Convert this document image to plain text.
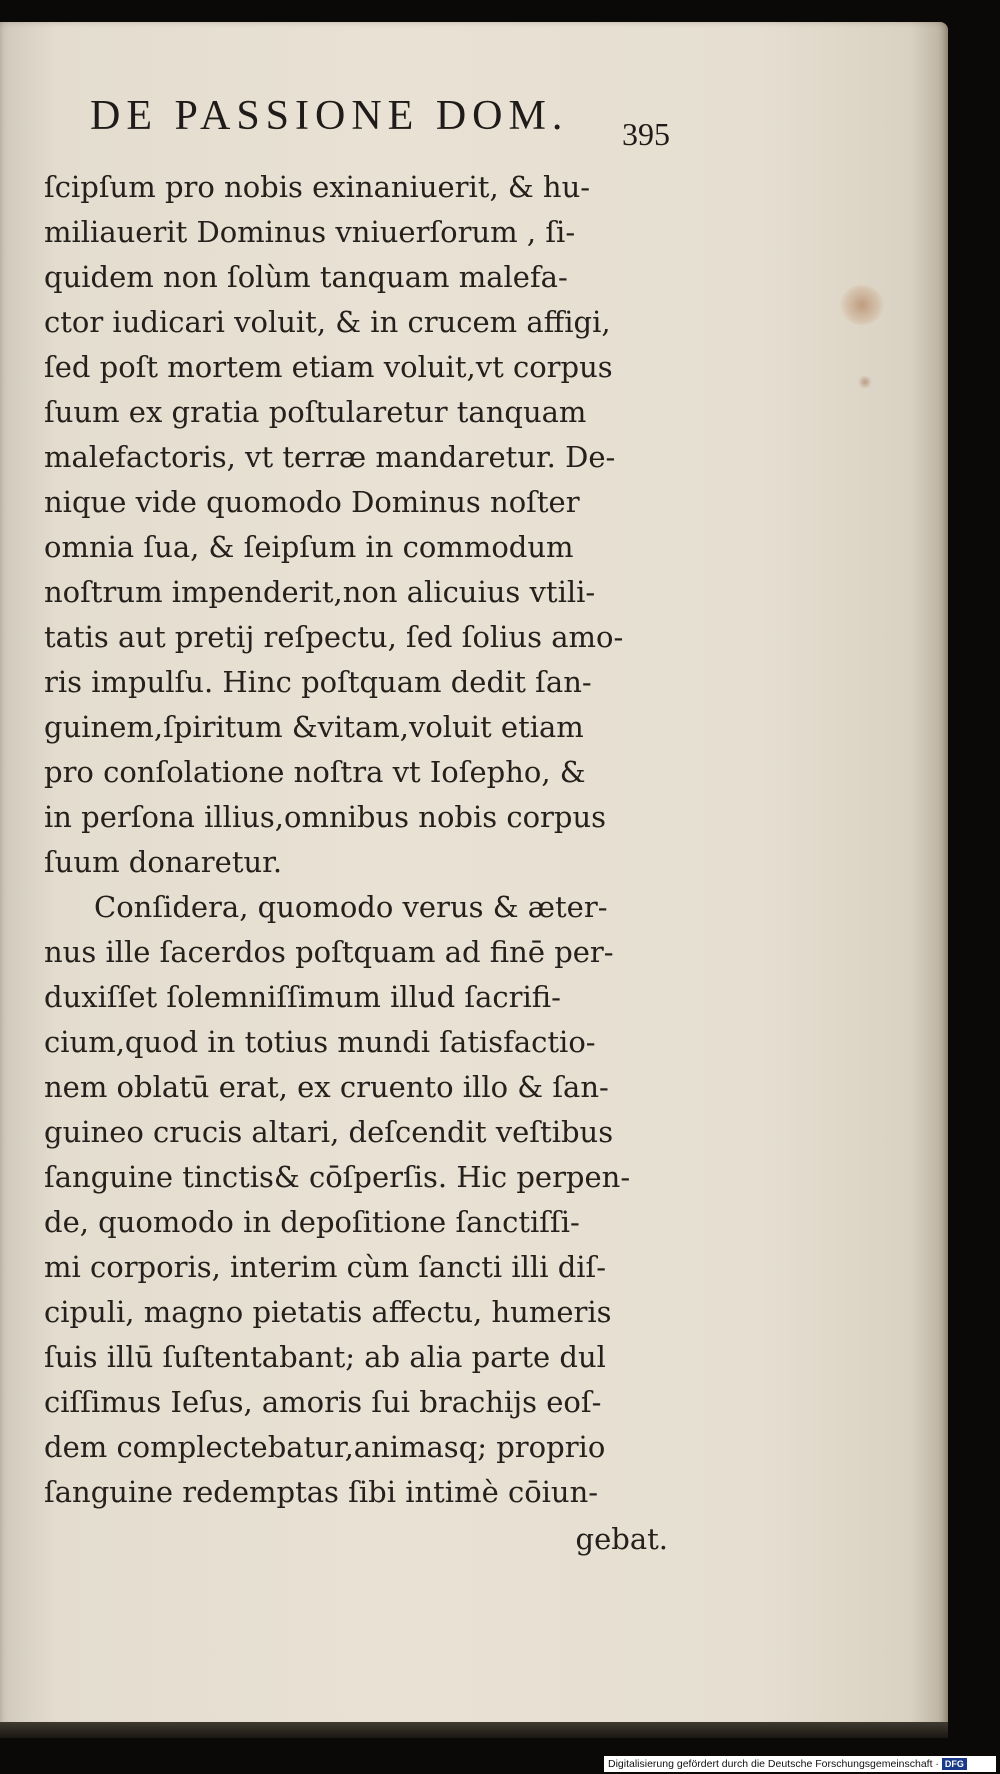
DE PASSIONE DOM.	395
ſcipſum pro nobis exinaniuerit, & hu-
miliauerit Dominus vniuerſorum , ſi-
quidem non ſolùm tanquam malefa-
ctor iudicari voluit, & in crucem affigi,
ſed poſt mortem etiam voluit,vt corpus
ſuum ex gratia poſtularetur tanquam
malefactoris, vt terræ mandaretur. De-
nique vide quomodo Dominus noſter
omnia ſua, & ſeipſum in commodum
noſtrum impenderit,non alicuius vtili-
tatis aut pretij reſpectu, ſed ſolius amo-
ris impulſu. Hinc poſtquam dedit ſan-
guinem,ſpiritum &vitam,voluit etiam
pro conſolatione noſtra vt Ioſepho, &
in perſona illius,omnibus nobis corpus
ſuum donaretur.
Conſidera, quomodo verus & æter-
nus ille ſacerdos poſtquam ad finē per-
duxiſſet ſolemniſſimum illud ſacrifi-
cium,quod in totius mundi ſatisfactio-
nem oblatū erat, ex cruento illo & ſan-
guineo crucis altari, deſcendit veſtibus
ſanguine tinctis& cōſperſis. Hic perpen-
de, quomodo in depoſitione ſanctiſſi-
mi corporis, interim cùm ſancti illi diſ-
cipuli, magno pietatis affectu, humeris
ſuis illū ſuſtentabant; ab alia parte dul
ciſſimus Ieſus, amoris ſui brachijs eoſ-
dem complectebatur,animasq; proprio
ſanguine redemptas ſibi intimè cōiun-
gebat.
Digitalisierung gefördert durch die Deutsche Forschungsgemeinschaft · DFG
